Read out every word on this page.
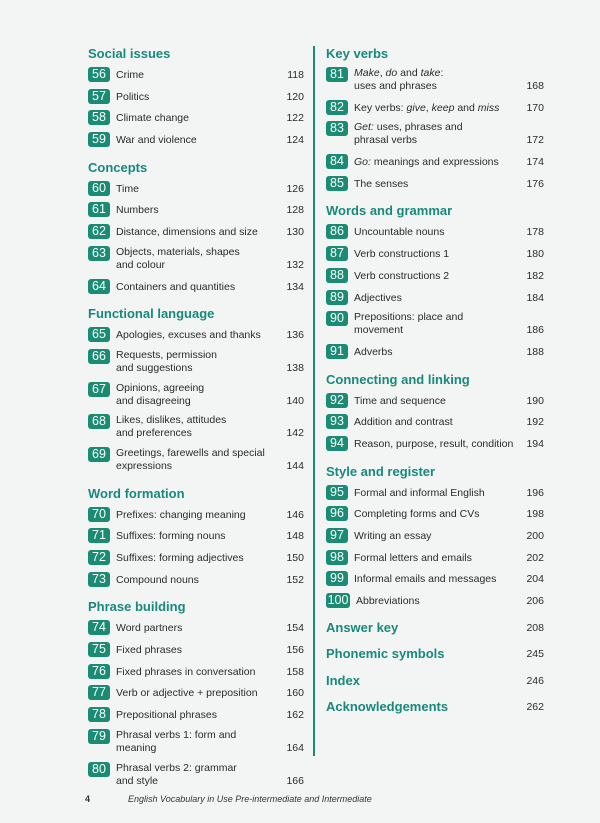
Social issues
56 Crime	118
57 Politics	120
58 Climate change	122
59 War and violence	124
Concepts
60 Time	126
61 Numbers	128
62 Distance, dimensions and size	130
63 Objects, materials, shapes
and colour	132
64 Containers and quantities	134
Functional language
65 Apologies, excuses and thanks	136
66 Requests, permission
and suggestions	138
67 Opinions, agreeing
and disagreeing	140
68 Likes, dislikes, attitudes
and preferences	142
69 Greetings, farewells and special
expressions	144
Word formation
70 Prefixes: changing meaning	146
71 Suffixes: forming nouns	148
72 Suffixes: forming adjectives	150
73 Compound nouns	152
Phrase building
74 Word partners	154
75 Fixed phrases	156
76 Fixed phrases in conversation	158
77 Verb or adjective + preposition	160
78 Prepositional phrases	162
79 Phrasal verbs 1: form and meaning	164
80 Phrasal verbs 2: grammar
and style	166
Key verbs
81 Make, do and take:
uses and phrases	168
82 Key verbs: give, keep and miss	170
83 Get: uses, phrases and
phrasal verbs	172
84 Go: meanings and expressions	174
85 The senses	176
Words and grammar
86 Uncountable nouns	178
87 Verb constructions 1	180
88 Verb constructions 2	182
89 Adjectives	184
90 Prepositions: place and movement	186
91 Adverbs	188
Connecting and linking
92 Time and sequence	190
93 Addition and contrast	192
94 Reason, purpose, result, condition	194
Style and register
95 Formal and informal English	196
96 Completing forms and CVs	198
97 Writing an essay	200
98 Formal letters and emails	202
99 Informal emails and messages	204
100 Abbreviations	206
Answer key	208
Phonemic symbols	245
Index	246
Acknowledgements	262
4	English Vocabulary in Use Pre-intermediate and Intermediate
